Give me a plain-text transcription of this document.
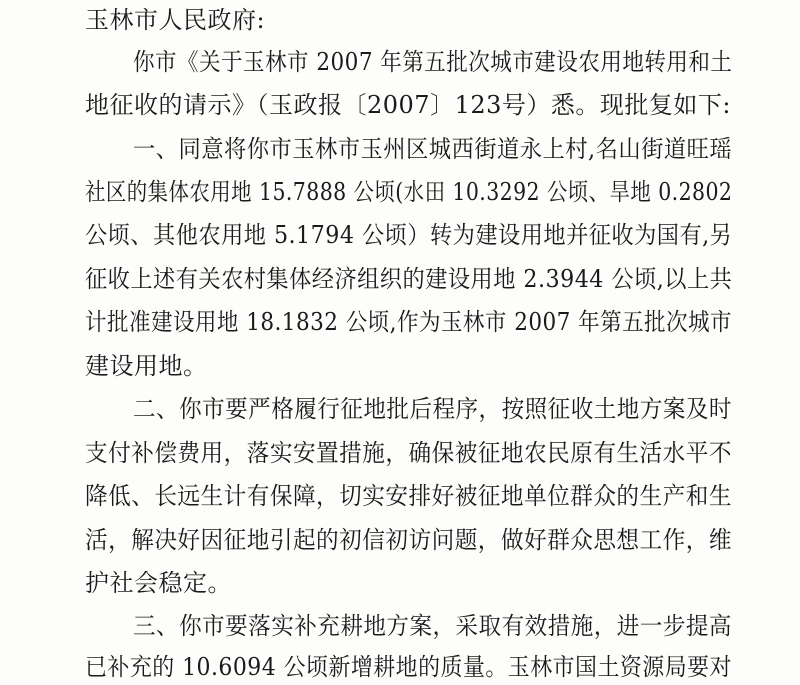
玉林市人民政府:
你市《关于玉林市 2007 年第五批次城市建设农用地转用和土
地征收的请示》（玉政报〔2007〕123号）悉。现批复如下:
一、同意将你市玉林市玉州区城西街道永上村,名山街道旺瑶
社区的集体农用地 15.7888 公顷(水田 10.3292 公顷、旱地 0.2802
公顷、其他农用地 5.1794 公顷）转为建设用地并征收为国有,另
征收上述有关农村集体经济组织的建设用地 2.3944 公顷,以上共
计批准建设用地 18.1832 公顷,作为玉林市 2007 年第五批次城市
建设用地。
二、你市要严格履行征地批后程序，按照征收土地方案及时
支付补偿费用，落实安置措施，确保被征地农民原有生活水平不
降低、长远生计有保障，切实安排好被征地单位群众的生产和生
活，解决好因征地引起的初信初访问题，做好群众思想工作，维
护社会稳定。
三、你市要落实补充耕地方案，采取有效措施，进一步提高
已补充的 10.6094 公顷新增耕地的质量。玉林市国土资源局要对
